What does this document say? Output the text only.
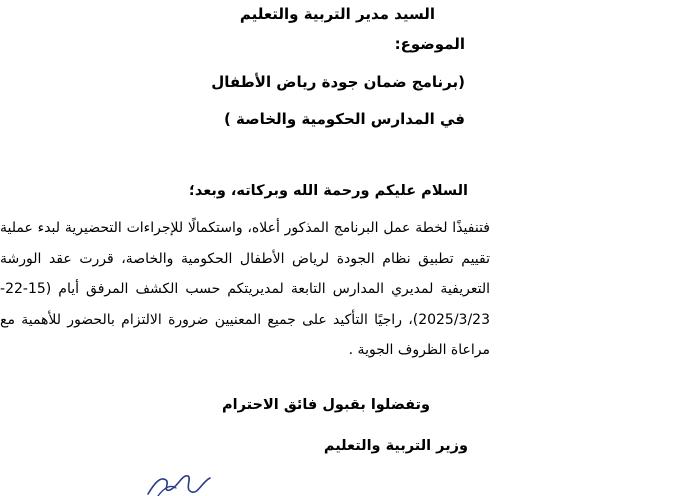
السيد مدير التربية والتعليم
الموضوع:
(برنامج ضمان جودة رياض الأطفال
في المدارس الحكومية والخاصة )
السلام عليكم ورحمة الله وبركاته، وبعد؛

فتنفيذًا لخطة عمل البرنامج المذكور أعلاه، واستكمالًا للإجراءات التحضيرية لبدء عملية تقييم تطبيق نظام الجودة لرياض الأطفال الحكومية والخاصة، قررت عقد الورشة التعريفية لمديري المدارس التابعة لمديريتكم حسب الكشف المرفق أيام (15-22-2025/3/23)، راجيًا التأكيد على جميع المعنيين ضرورة الالتزام بالحضور للأهمية مع مراعاة الظروف الجوية .

وتفضلوا بقبول فائق الاحترام
وزير التربية والتعليم
